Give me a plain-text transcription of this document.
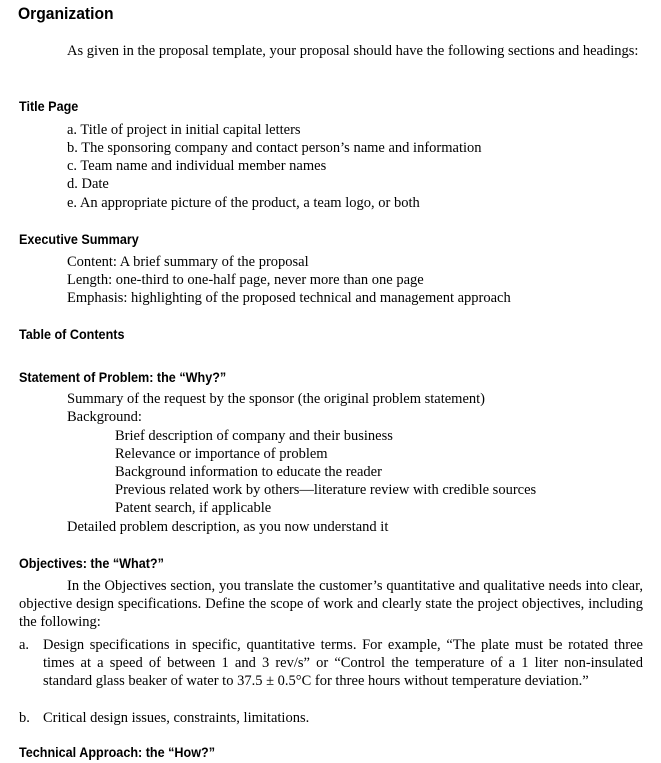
Organization
As given in the proposal template, your proposal should have the following sections and headings:
Title Page
a. Title of project in initial capital letters
b. The sponsoring company and contact person’s name and information
c. Team name and individual member names
d. Date
e. An appropriate picture of the product, a team logo, or both
Executive Summary
Content: A brief summary of the proposal
Length: one-third to one-half page, never more than one page
Emphasis: highlighting of the proposed technical and management approach
Table of Contents
Statement of Problem: the “Why?”
Summary of the request by the sponsor (the original problem statement)
Background:
Brief description of company and their business
Relevance or importance of problem
Background information to educate the reader
Previous related work by others—literature review with credible sources
Patent search, if applicable
Detailed problem description, as you now understand it
Objectives: the “What?”
In the Objectives section, you translate the customer’s quantitative and qualitative needs into clear, objective design specifications. Define the scope of work and clearly state the project objectives, including the following:
a. Design specifications in specific, quantitative terms. For example, “The plate must be rotated three times at a speed of between 1 and 3 rev/s” or “Control the temperature of a 1 liter non-insulated standard glass beaker of water to 37.5 ± 0.5°C for three hours without temperature deviation.”
b. Critical design issues, constraints, limitations.
Technical Approach: the “How?”
